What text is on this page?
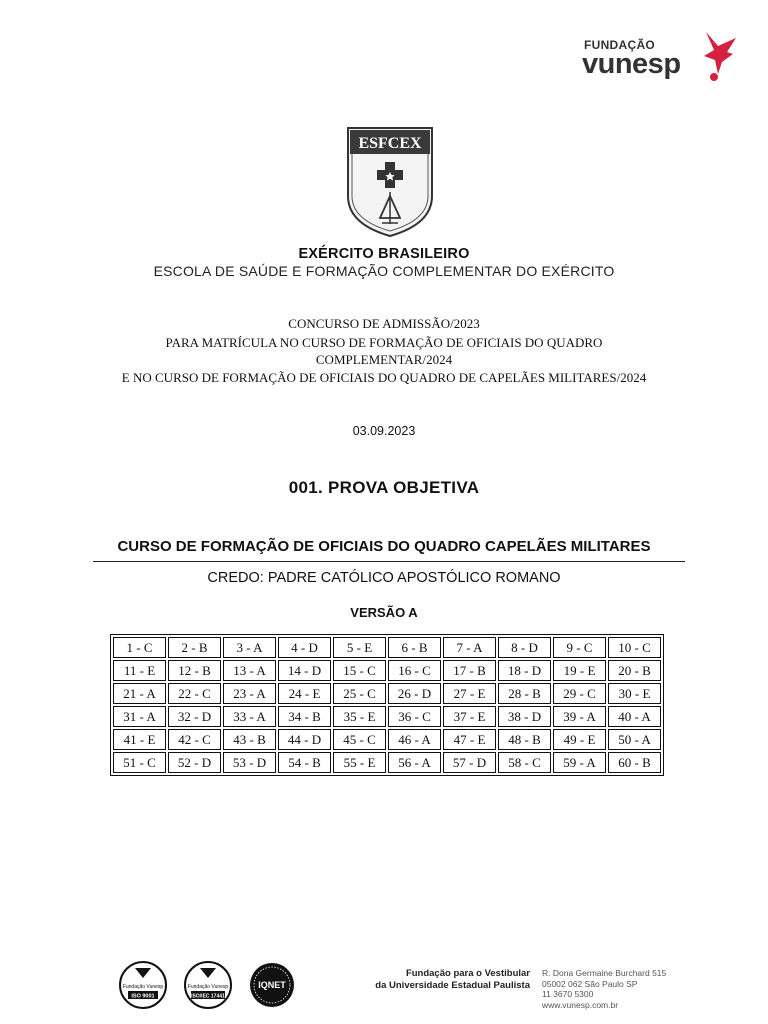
FUNDAÇÃO
vunesp
ESFCEX
EXÉRCITO BRASILEIRO
ESCOLA DE SAÚDE E FORMAÇÃO COMPLEMENTAR DO EXÉRCITO
CONCURSO DE ADMISSÃO/2023
PARA MATRÍCULA NO CURSO DE FORMAÇÃO DE OFICIAIS DO QUADRO
COMPLEMENTAR/2024
E NO CURSO DE FORMAÇÃO DE OFICIAIS DO QUADRO DE CAPELÃES MILITARES/2024
03.09.2023
001. PROVA OBJETIVA
CURSO DE FORMAÇÃO DE OFICIAIS DO QUADRO CAPELÃES MILITARES
CREDO: PADRE CATÓLICO APOSTÓLICO ROMANO
VERSÃO A
1 - C	2 - B	3 - A	4 - D	5 - E	6 - B	7 - A	8 - D	9 - C	10 - C
11 - E	12 - B	13 - A	14 - D	15 - C	16 - C	17 - B	18 - D	19 - E	20 - B
21 - A	22 - C	23 - A	24 - E	25 - C	26 - D	27 - E	28 - B	29 - C	30 - E
31 - A	32 - D	33 - A	34 - B	35 - E	36 - C	37 - E	38 - D	39 - A	40 - A
41 - E	42 - C	43 - B	44 - D	45 - C	46 - A	47 - E	48 - B	49 - E	50 - A
51 - C	52 - D	53 - D	54 - B	55 - E	56 - A	57 - D	58 - C	59 - A	60 - B
Fundação Vunesp
ISO 9001
Fundação Vunesp
ISO/IEC 17441
IQNET
Fundação para o Vestibular
da Universidade Estadual Paulista
R. Dona Germaine Burchard 515
05002 062 São Paulo SP
11 3670 5300
www.vunesp.com.br
